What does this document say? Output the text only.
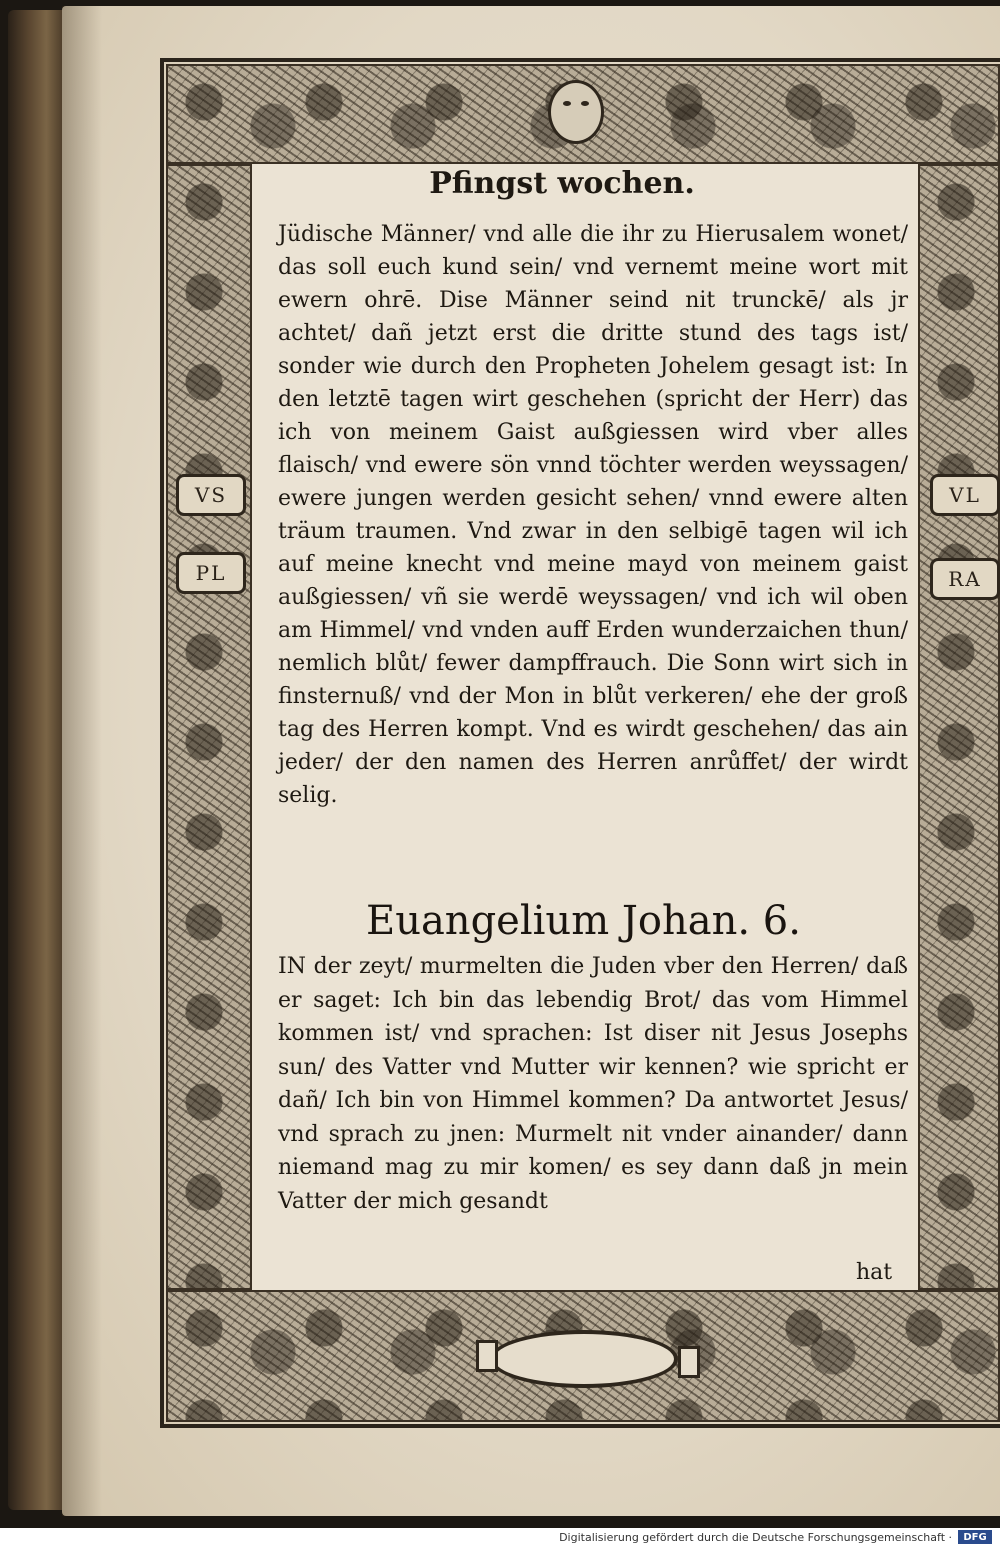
VS
PL
VL
RA
Pfingst wochen.

Jüdische Männer/ vnd alle die ihr zu Hierusalem wonet/ das soll euch kund sein/ vnd vernemt meine wort mit ewern ohrē. Dise Männer seind nit trunckē/ als jr achtet/ dañ jetzt erst die dritte stund des tags ist/ sonder wie durch den Propheten Johelem gesagt ist: In den letztē tagen wirt geschehen (spricht der Herr) das ich von meinem Gaist außgiessen wird vber alles flaisch/ vnd ewere sön vnnd töchter werden weyssagen/ ewere jungen werden gesicht sehen/ vnnd ewere alten träum traumen. Vnd zwar in den selbigē tagen wil ich auf meine knecht vnd meine mayd von meinem gaist außgiessen/ vñ sie werdē weyssagen/ vnd ich wil oben am Himmel/ vnd vnden auff Erden wunderzaichen thun/ nemlich blůt/ fewer dampffrauch. Die Sonn wirt sich in finsternuß/ vnd der Mon in blůt verkeren/ ehe der groß tag des Herren kompt. Vnd es wirdt geschehen/ das ain jeder/ der den namen des Herren anrůffet/ der wirdt selig.

Euangelium Johan. 6.

IN der zeyt/ murmelten die Juden vber den Herren/ daß er saget: Ich bin das lebendig Brot/ das vom Himmel kommen ist/ vnd sprachen: Ist diser nit Jesus Josephs sun/ des Vatter vnd Mutter wir kennen? wie spricht er dañ/ Ich bin von Himmel kommen? Da antwortet Jesus/ vnd sprach zu jnen: Murmelt nit vnder ainander/ dann niemand mag zu mir komen/ es sey dann daß jn mein Vatter der mich gesandt

hat

Digitalisierung gefördert durch die Deutsche Forschungsgemeinschaft ·	DFG
